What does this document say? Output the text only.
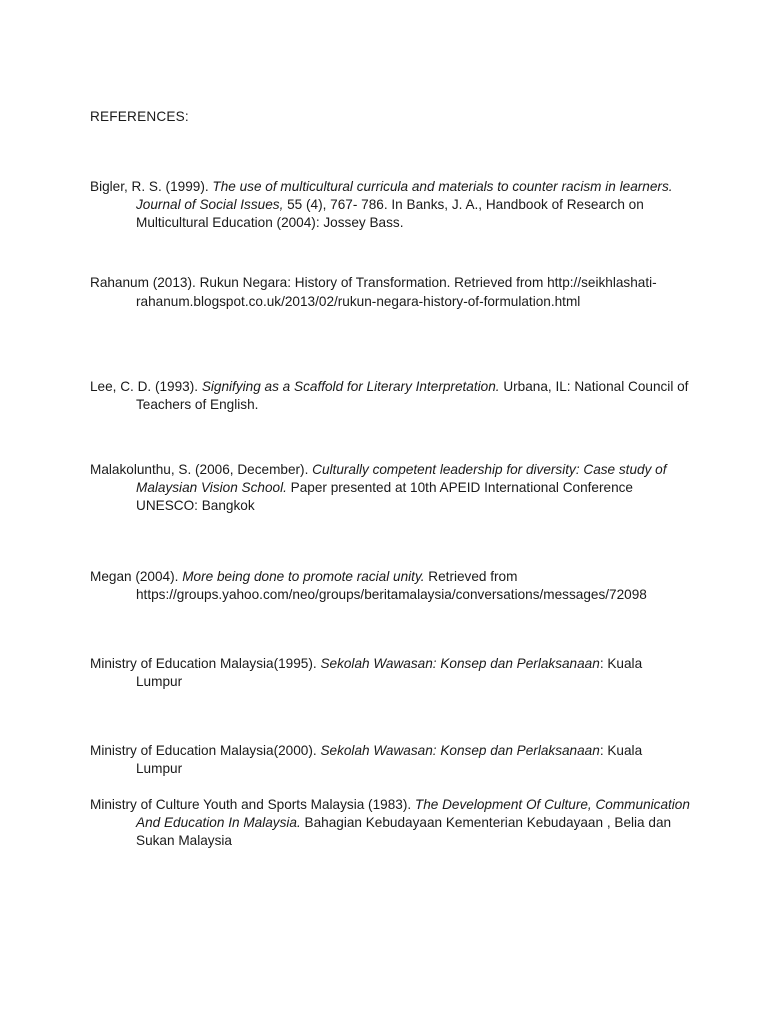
REFERENCES:
Bigler, R. S. (1999). The use of multicultural curricula and materials to counter racism in learners. Journal of Social Issues, 55 (4), 767- 786. In Banks, J. A., Handbook of Research on Multicultural Education (2004): Jossey Bass.
Rahanum (2013). Rukun Negara: History of Transformation. Retrieved from http://seikhlashati-rahanum.blogspot.co.uk/2013/02/rukun-negara-history-of-formulation.html
Lee, C. D. (1993). Signifying as a Scaffold for Literary Interpretation. Urbana, IL: National Council of Teachers of English.
Malakolunthu, S. (2006, December). Culturally competent leadership for diversity: Case study of Malaysian Vision School. Paper presented at 10th APEID International Conference UNESCO: Bangkok
Megan (2004). More being done to promote racial unity. Retrieved from https://groups.yahoo.com/neo/groups/beritamalaysia/conversations/messages/72098
Ministry of Education Malaysia(1995). Sekolah Wawasan: Konsep dan Perlaksanaan: Kuala Lumpur
Ministry of Education Malaysia(2000). Sekolah Wawasan: Konsep dan Perlaksanaan: Kuala Lumpur
Ministry of Culture Youth and Sports Malaysia (1983). The Development Of Culture, Communication And Education In Malaysia. Bahagian Kebudayaan Kementerian Kebudayaan , Belia dan Sukan Malaysia
